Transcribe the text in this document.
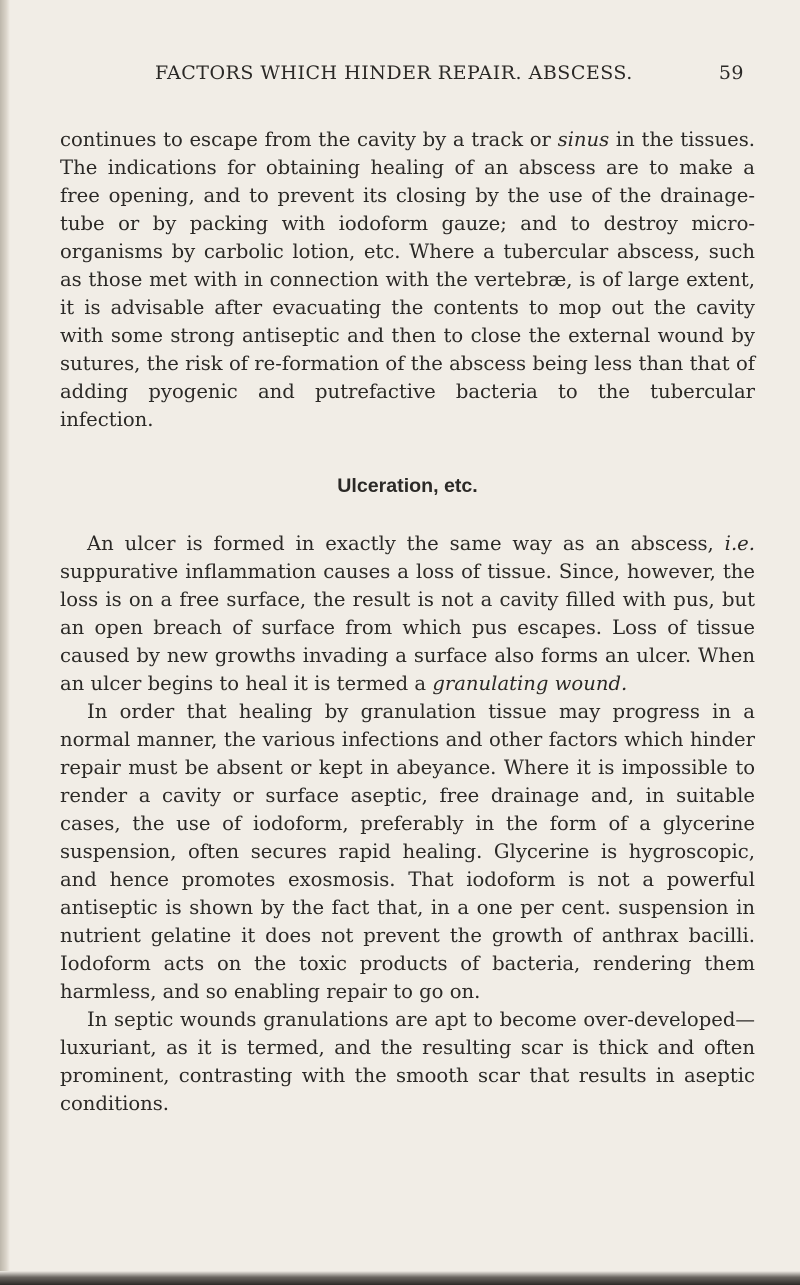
FACTORS WHICH HINDER REPAIR. ABSCESS.	59

continues to escape from the cavity by a track or sinus in the tissues. The indications for obtaining healing of an abscess are to make a free opening, and to prevent its closing by the use of the drainage-tube or by packing with iodoform gauze; and to destroy micro-organisms by carbolic lotion, etc. Where a tubercular abscess, such as those met with in connection with the vertebræ, is of large extent, it is advisable after evacuating the contents to mop out the cavity with some strong antiseptic and then to close the external wound by sutures, the risk of re-formation of the abscess being less than that of adding pyogenic and putrefactive bacteria to the tubercular infection.

Ulceration, etc.

An ulcer is formed in exactly the same way as an abscess, i.e. suppurative inflammation causes a loss of tissue. Since, however, the loss is on a free surface, the result is not a cavity filled with pus, but an open breach of surface from which pus escapes. Loss of tissue caused by new growths invading a surface also forms an ulcer. When an ulcer begins to heal it is termed a granulating wound.

In order that healing by granulation tissue may progress in a normal manner, the various infections and other factors which hinder repair must be absent or kept in abeyance. Where it is impossible to render a cavity or surface aseptic, free drainage and, in suitable cases, the use of iodoform, preferably in the form of a glycerine suspension, often secures rapid healing. Glycerine is hygroscopic, and hence promotes exosmosis. That iodoform is not a powerful antiseptic is shown by the fact that, in a one per cent. suspension in nutrient gelatine it does not prevent the growth of anthrax bacilli. Iodoform acts on the toxic products of bacteria, rendering them harmless, and so enabling repair to go on.

In septic wounds granulations are apt to become over-developed—luxuriant, as it is termed, and the resulting scar is thick and often prominent, contrasting with the smooth scar that results in aseptic conditions.
